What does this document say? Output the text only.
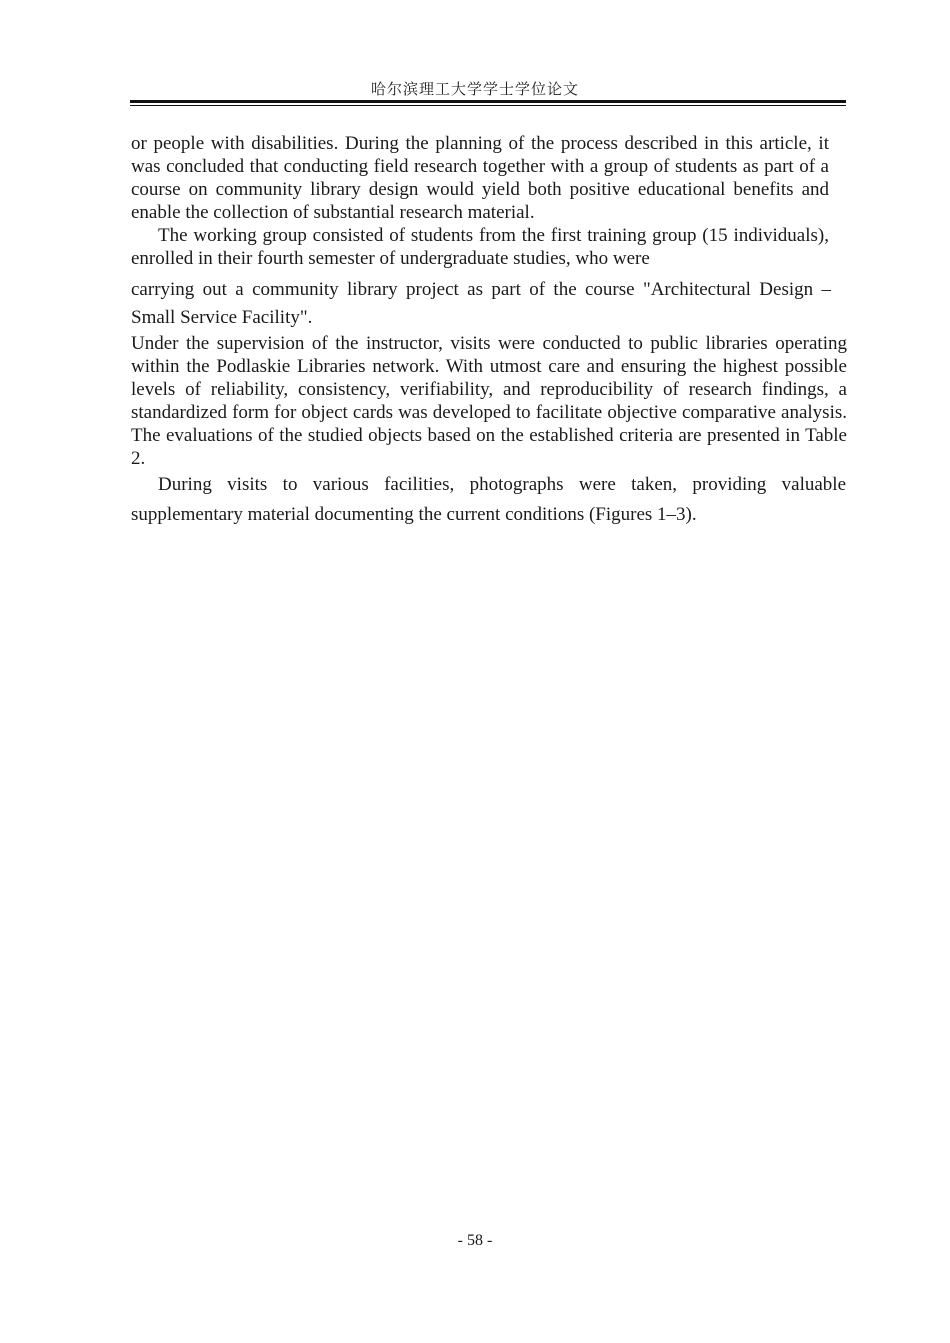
哈尔滨理工大学学士学位论文

or people with disabilities. During the planning of the process described in this article, it was concluded that conducting field research together with a group of students as part of a course on community library design would yield both positive educational benefits and enable the collection of substantial research material.

The working group consisted of students from the first training group (15 individuals), enrolled in their fourth semester of undergraduate studies, who were

carrying out a community library project as part of the course "Architectural Design – Small Service Facility".

Under the supervision of the instructor, visits were conducted to public libraries operating within the Podlaskie Libraries network. With utmost care and ensuring the highest possible levels of reliability, consistency, verifiability, and reproducibility of research findings, a standardized form for object cards was developed to facilitate objective comparative analysis. The evaluations of the studied objects based on the established criteria are presented in Table 2.

During visits to various facilities, photographs were taken, providing valuable supplementary material documenting the current conditions (Figures 1–3).

- 58 -
